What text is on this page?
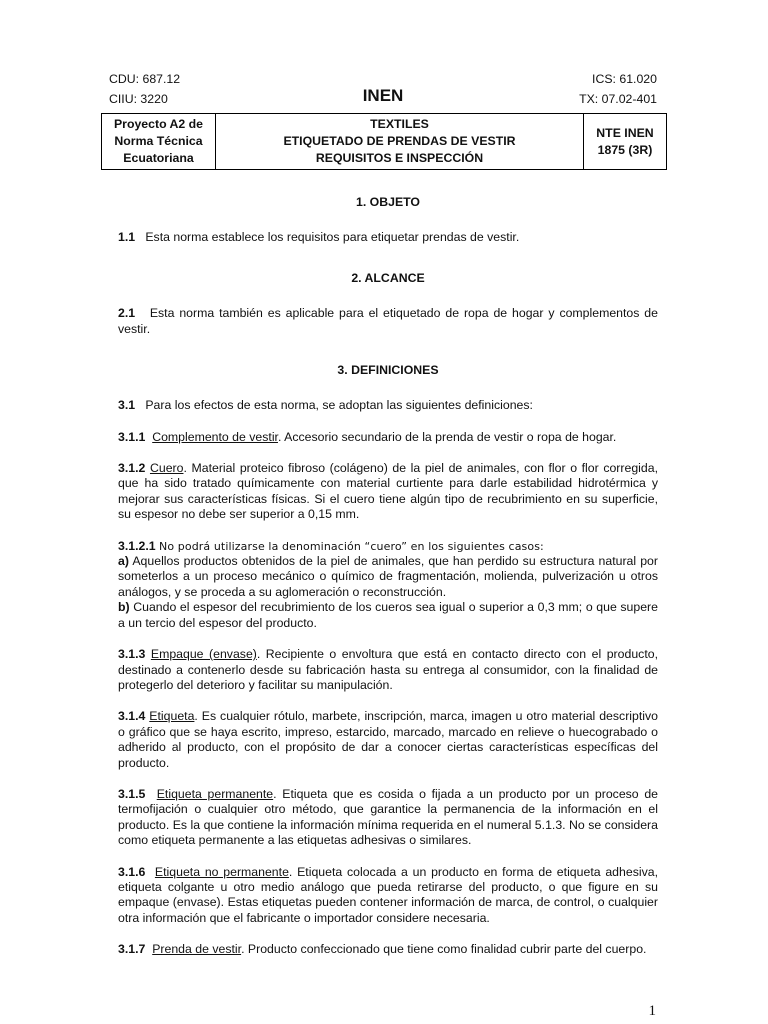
CDU: 687.12
CIIU: 3220	INEN
ICS: 61.020
TX: 07.02-401
Proyecto A2 de
Norma Técnica
Ecuatoriana

TEXTILES
ETIQUETADO DE PRENDAS DE VESTIR
REQUISITOS E INSPECCIÓN

NTE INEN
1875 (3R)
1. OBJETO

1.1 Esta norma establece los requisitos para etiquetar prendas de vestir.

2. ALCANCE

2.1 Esta norma también es aplicable para el etiquetado de ropa de hogar y complementos de vestir.

3. DEFINICIONES

3.1 Para los efectos de esta norma, se adoptan las siguientes definiciones:

3.1.1 Complemento de vestir. Accesorio secundario de la prenda de vestir o ropa de hogar.

3.1.2 Cuero. Material proteico fibroso (colágeno) de la piel de animales, con flor o flor corregida, que ha sido tratado químicamente con material curtiente para darle estabilidad hidrotérmica y mejorar sus características físicas. Si el cuero tiene algún tipo de recubrimiento en su superficie, su espesor no debe ser superior a 0,15 mm.

3.1.2.1 No podrá utilizarse la denominación “cuero” en los siguientes casos:
a) Aquellos productos obtenidos de la piel de animales, que han perdido su estructura natural por someterlos a un proceso mecánico o químico de fragmentación, molienda, pulverización u otros análogos, y se proceda a su aglomeración o reconstrucción.
b) Cuando el espesor del recubrimiento de los cueros sea igual o superior a 0,3 mm; o que supere a un tercio del espesor del producto.

3.1.3 Empaque (envase). Recipiente o envoltura que está en contacto directo con el producto, destinado a contenerlo desde su fabricación hasta su entrega al consumidor, con la finalidad de protegerlo del deterioro y facilitar su manipulación.

3.1.4 Etiqueta. Es cualquier rótulo, marbete, inscripción, marca, imagen u otro material descriptivo o gráfico que se haya escrito, impreso, estarcido, marcado, marcado en relieve o huecograbado o adherido al producto, con el propósito de dar a conocer ciertas características específicas del producto.

3.1.5 Etiqueta permanente. Etiqueta que es cosida o fijada a un producto por un proceso de termofijación o cualquier otro método, que garantice la permanencia de la información en el producto. Es la que contiene la información mínima requerida en el numeral 5.1.3. No se considera como etiqueta permanente a las etiquetas adhesivas o similares.

3.1.6 Etiqueta no permanente. Etiqueta colocada a un producto en forma de etiqueta adhesiva, etiqueta colgante u otro medio análogo que pueda retirarse del producto, o que figure en su empaque (envase). Estas etiquetas pueden contener información de marca, de control, o cualquier otra información que el fabricante o importador considere necesaria.

3.1.7 Prenda de vestir. Producto confeccionado que tiene como finalidad cubrir parte del cuerpo.

1
